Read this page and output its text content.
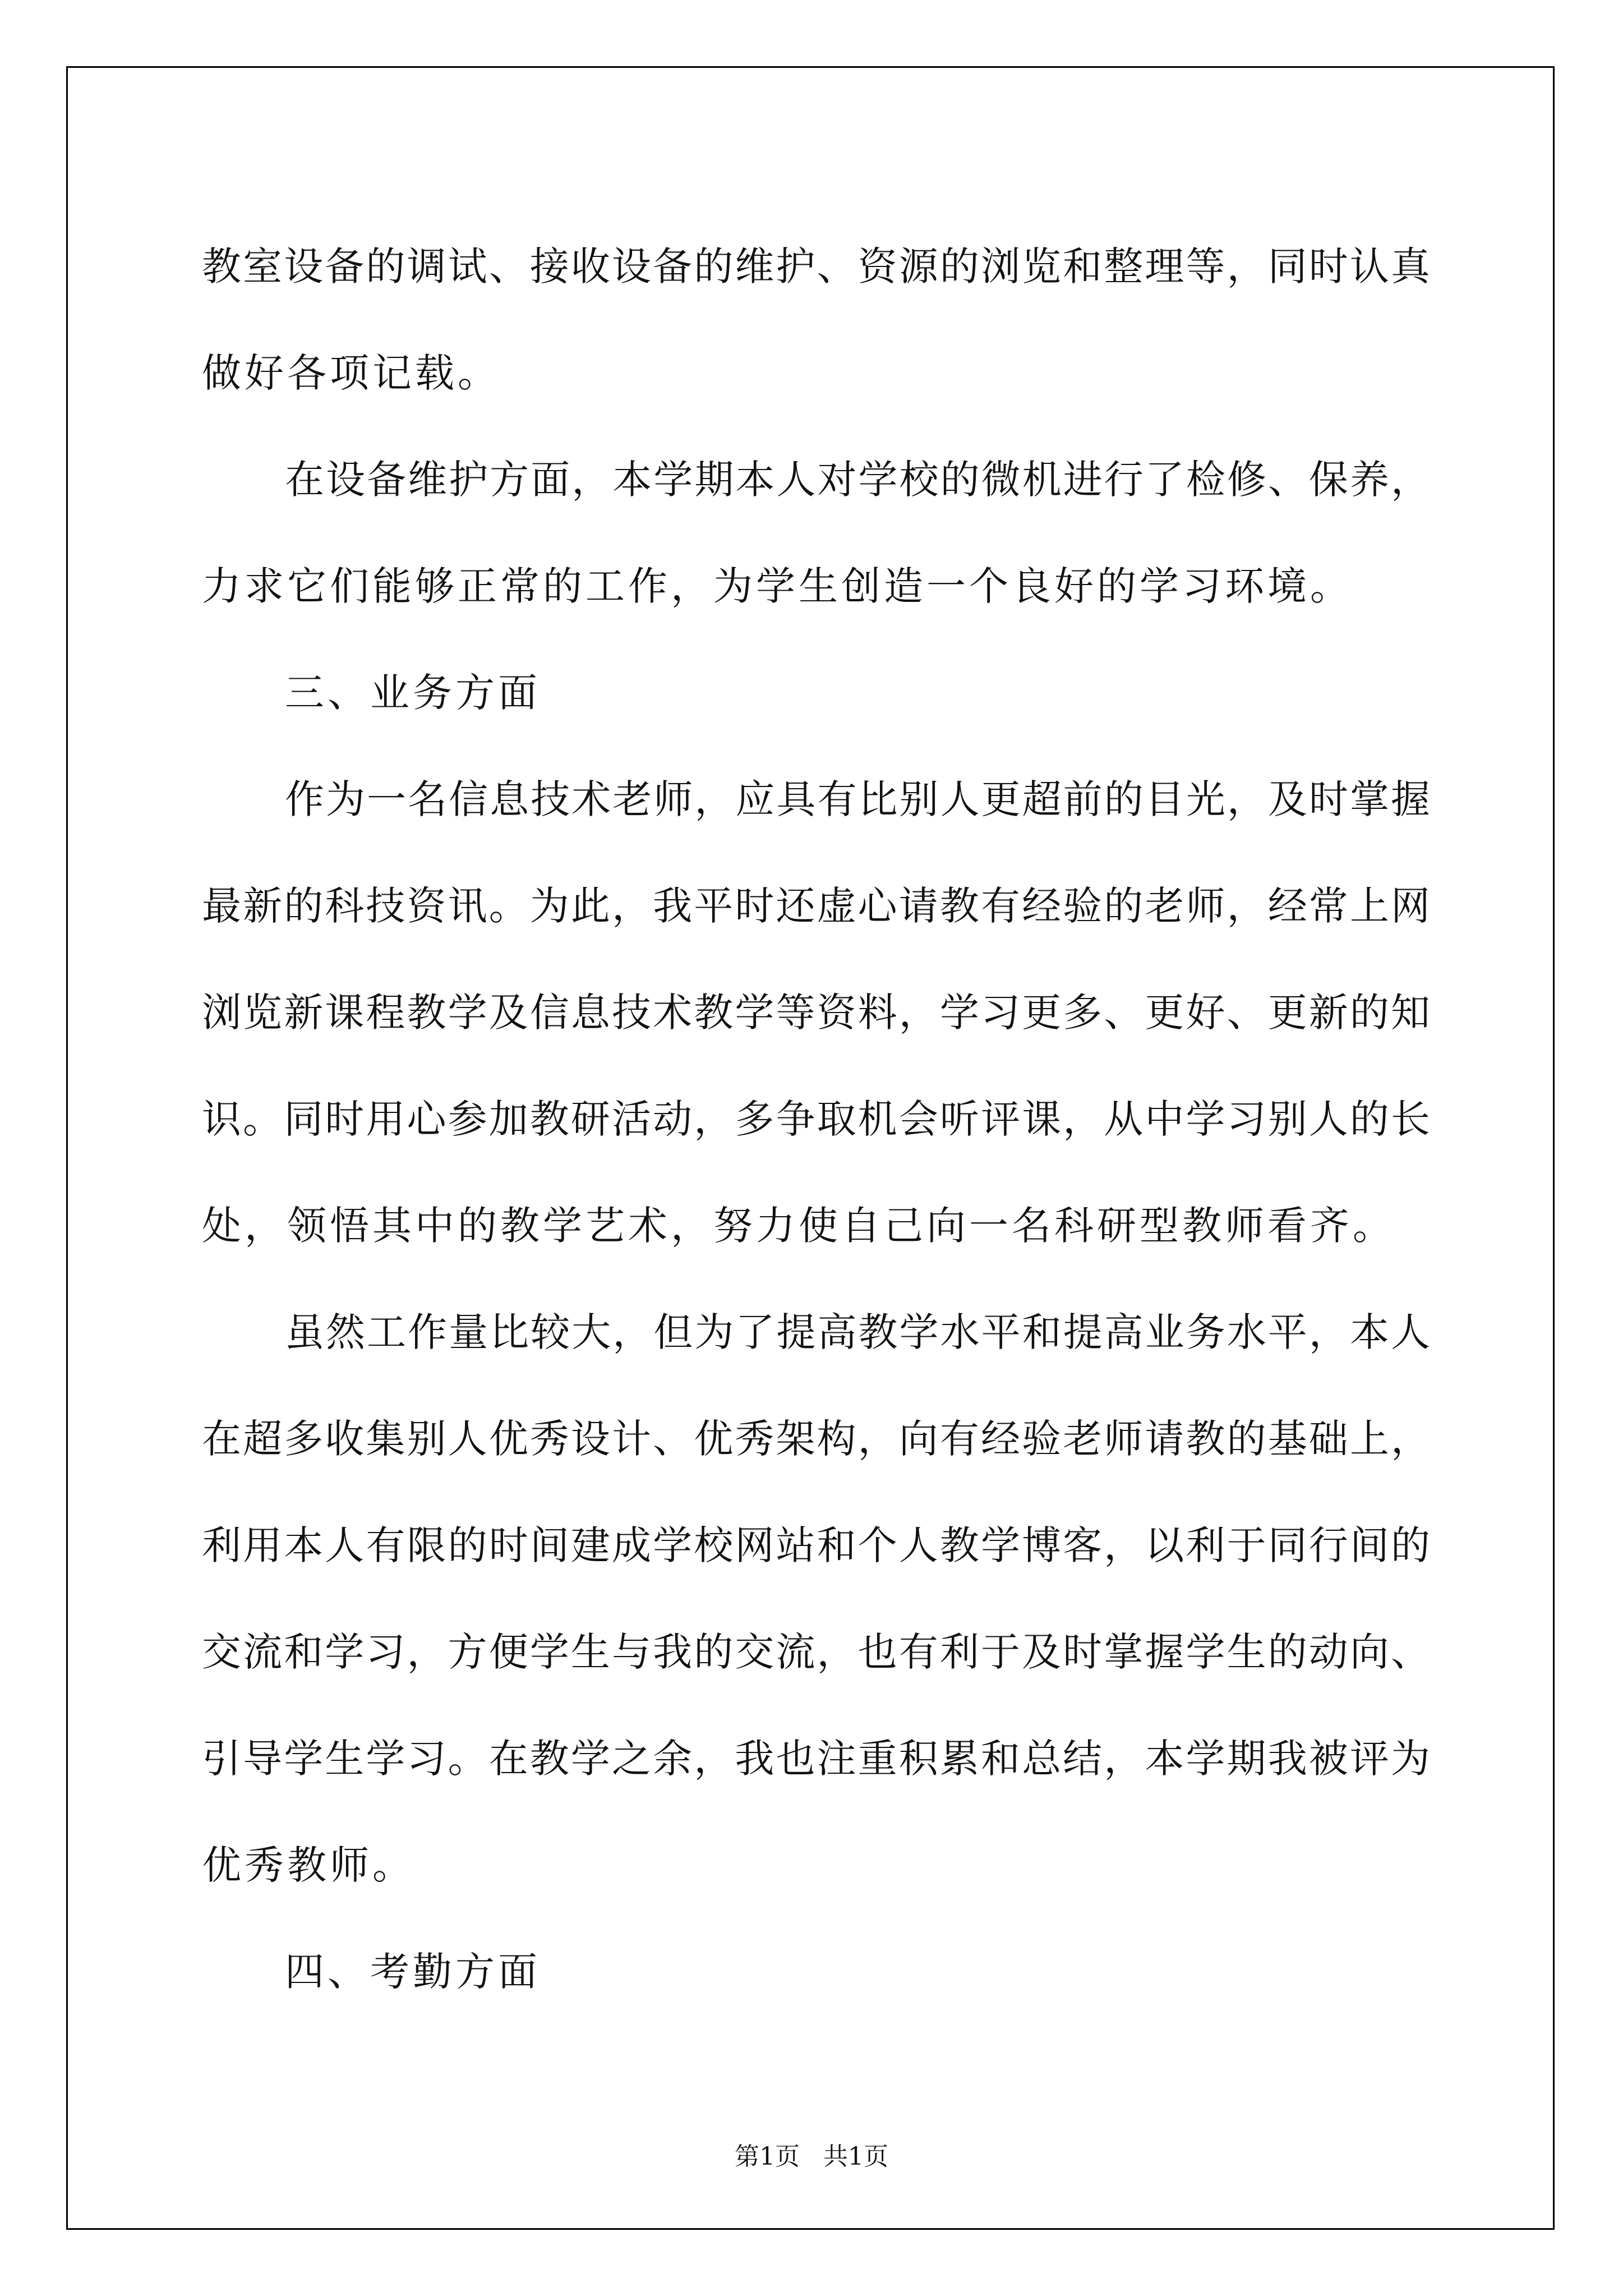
教室设备的调试、接收设备的维护、资源的浏览和整理等，同时认真
做好各项记载。
在设备维护方面，本学期本人对学校的微机进行了检修、保养，
力求它们能够正常的工作，为学生创造一个良好的学习环境。
三、业务方面
作为一名信息技术老师，应具有比别人更超前的目光，及时掌握
最新的科技资讯。为此，我平时还虚心请教有经验的老师，经常上网
浏览新课程教学及信息技术教学等资料，学习更多、更好、更新的知
识。同时用心参加教研活动，多争取机会听评课，从中学习别人的长
处，领悟其中的教学艺术，努力使自己向一名科研型教师看齐。
虽然工作量比较大，但为了提高教学水平和提高业务水平，本人
在超多收集别人优秀设计、优秀架构，向有经验老师请教的基础上，
利用本人有限的时间建成学校网站和个人教学博客，以利于同行间的
交流和学习，方便学生与我的交流，也有利于及时掌握学生的动向、
引导学生学习。在教学之余，我也注重积累和总结，本学期我被评为
优秀教师。
四、考勤方面
第1页 共1页
